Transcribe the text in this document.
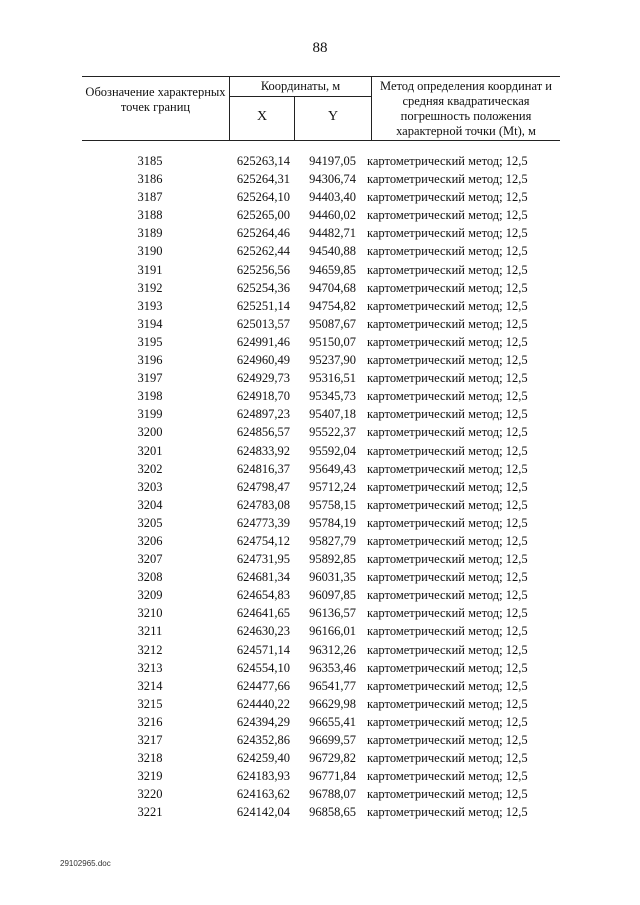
88
Обозначение характерных точек границ
Координаты, м
X	Y
Метод определения координат и средняя квадратическая погрешность положения характерной точки (Mt), м
3185	625263,14	94197,05 картометрический метод; 12,5
3186	625264,31	94306,74 картометрический метод; 12,5
3187	625264,10	94403,40 картометрический метод; 12,5
3188	625265,00	94460,02 картометрический метод; 12,5
3189	625264,46	94482,71 картометрический метод; 12,5
3190	625262,44	94540,88 картометрический метод; 12,5
3191	625256,56	94659,85 картометрический метод; 12,5
3192	625254,36	94704,68 картометрический метод; 12,5
3193	625251,14	94754,82 картометрический метод; 12,5
3194	625013,57	95087,67 картометрический метод; 12,5
3195	624991,46	95150,07 картометрический метод; 12,5
3196	624960,49	95237,90 картометрический метод; 12,5
3197	624929,73	95316,51 картометрический метод; 12,5
3198	624918,70	95345,73 картометрический метод; 12,5
3199	624897,23	95407,18 картометрический метод; 12,5
3200	624856,57	95522,37 картометрический метод; 12,5
3201	624833,92	95592,04 картометрический метод; 12,5
3202	624816,37	95649,43 картометрический метод; 12,5
3203	624798,47	95712,24 картометрический метод; 12,5
3204	624783,08	95758,15 картометрический метод; 12,5
3205	624773,39	95784,19 картометрический метод; 12,5
3206	624754,12	95827,79 картометрический метод; 12,5
3207	624731,95	95892,85 картометрический метод; 12,5
3208	624681,34	96031,35 картометрический метод; 12,5
3209	624654,83	96097,85 картометрический метод; 12,5
3210	624641,65	96136,57 картометрический метод; 12,5
3211	624630,23	96166,01 картометрический метод; 12,5
3212	624571,14	96312,26 картометрический метод; 12,5
3213	624554,10	96353,46 картометрический метод; 12,5
3214	624477,66	96541,77 картометрический метод; 12,5
3215	624440,22	96629,98 картометрический метод; 12,5
3216	624394,29	96655,41 картометрический метод; 12,5
3217	624352,86	96699,57 картометрический метод; 12,5
3218	624259,40	96729,82 картометрический метод; 12,5
3219	624183,93	96771,84 картометрический метод; 12,5
3220	624163,62	96788,07 картометрический метод; 12,5
3221	624142,04	96858,65 картометрический метод; 12,5
29102965.doc
